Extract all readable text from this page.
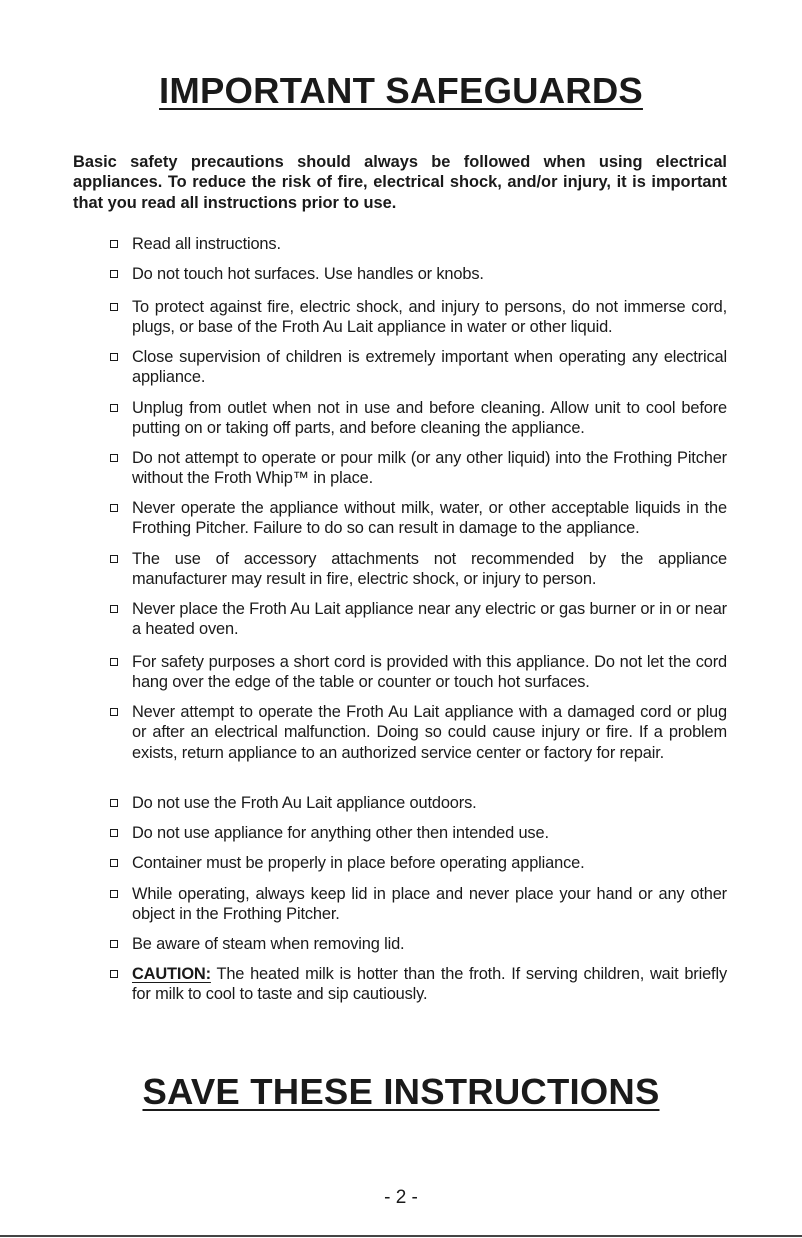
IMPORTANT SAFEGUARDS

Basic safety precautions should always be followed when using electrical appliances. To reduce the risk of fire, electrical shock, and/or injury, it is important that you read all instructions prior to use.

Read all instructions.

Do not touch hot surfaces. Use handles or knobs.

To protect against fire, electric shock, and injury to persons, do not immerse cord, plugs, or base of the Froth Au Lait appliance in water or other liquid.

Close supervision of children is extremely important when operating any electrical appliance.

Unplug from outlet when not in use and before cleaning. Allow unit to cool before putting on or taking off parts, and before cleaning the appliance.

Do not attempt to operate or pour milk (or any other liquid) into the Frothing Pitcher without the Froth Whip™ in place.

Never operate the appliance without milk, water, or other acceptable liquids in the Frothing Pitcher. Failure to do so can result in damage to the appliance.

The use of accessory attachments not recommended by the appliance manufacturer may result in fire, electric shock, or injury to person.

Never place the Froth Au Lait appliance near any electric or gas burner or in or near a heated oven.

For safety purposes a short cord is provided with this appliance. Do not let the cord hang over the edge of the table or counter or touch hot surfaces.

Never attempt to operate the Froth Au Lait appliance with a damaged cord or plug or after an electrical malfunction. Doing so could cause injury or fire. If a problem exists, return appliance to an authorized service center or factory for repair.

Do not use the Froth Au Lait appliance outdoors.

Do not use appliance for anything other then intended use.

Container must be properly in place before operating appliance.

While operating, always keep lid in place and never place your hand or any other object in the Frothing Pitcher.

Be aware of steam when removing lid.

CAUTION: The heated milk is hotter than the froth. If serving children, wait briefly for milk to cool to taste and sip cautiously.

SAVE THESE INSTRUCTIONS

- 2 -
